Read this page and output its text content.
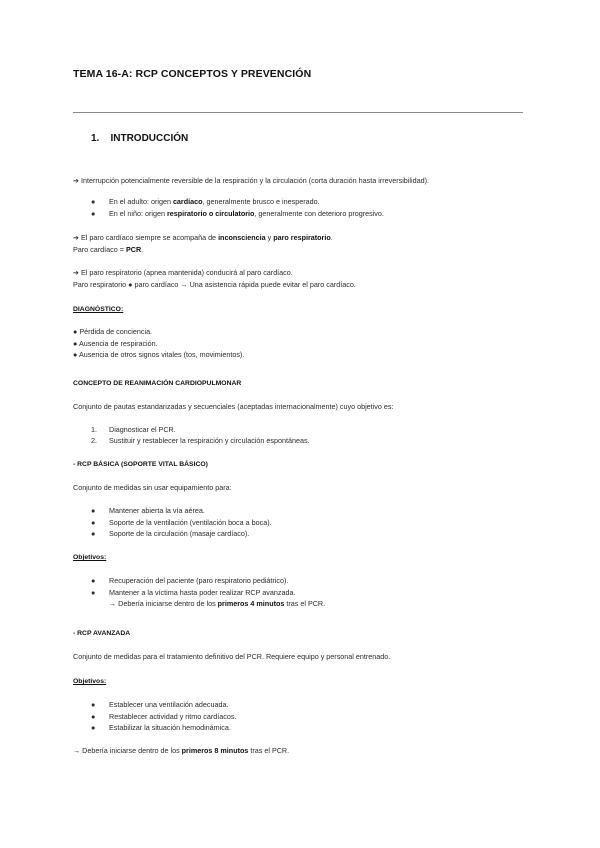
TEMA 16-A: RCP CONCEPTOS Y PREVENCIÓN
1. INTRODUCCIÓN
➔ Interrupción potencialmente reversible de la respiración y la circulación (corta duración hasta irreversibilidad).
● En el adulto: origen cardíaco, generalmente brusco e inesperado.
● En el niño: origen respiratorio o circulatorio, generalmente con deterioro progresivo.
➔ El paro cardíaco siempre se acompaña de inconsciencia y paro respiratorio.
Paro cardíaco = PCR.
➔ El paro respiratorio (apnea mantenida) conducirá al paro cardíaco.
Paro respiratorio ● paro cardíaco → Una asistencia rápida puede evitar el paro cardíaco.
DIAGNÓSTICO:
● Pérdida de conciencia.
● Ausencia de respiración.
● Ausencia de otros signos vitales (tos, movimientos).
CONCEPTO DE REANIMACIÓN CARDIOPULMONAR
Conjunto de pautas estandarizadas y secuenciales (aceptadas internacionalmente) cuyo objetivo es:
1. Diagnosticar el PCR.
2. Sustituir y restablecer la respiración y circulación espontáneas.
- RCP BÁSICA (SOPORTE VITAL BÁSICO)
Conjunto de medidas sin usar equipamiento para:
● Mantener abierta la vía aérea.
● Soporte de la ventilación (ventilación boca a boca).
● Soporte de la circulación (masaje cardíaco).
Objetivos:
● Recuperación del paciente (paro respiratorio pediátrico).
● Mantener a la víctima hasta poder realizar RCP avanzada.
→ Debería iniciarse dentro de los primeros 4 minutos tras el PCR.
- RCP AVANZADA
Conjunto de medidas para el tratamiento definitivo del PCR. Requiere equipo y personal entrenado.
Objetivos:
● Establecer una ventilación adecuada.
● Restablecer actividad y ritmo cardíacos.
● Estabilizar la situación hemodinámica.
→ Debería iniciarse dentro de los primeros 8 minutos tras el PCR.
